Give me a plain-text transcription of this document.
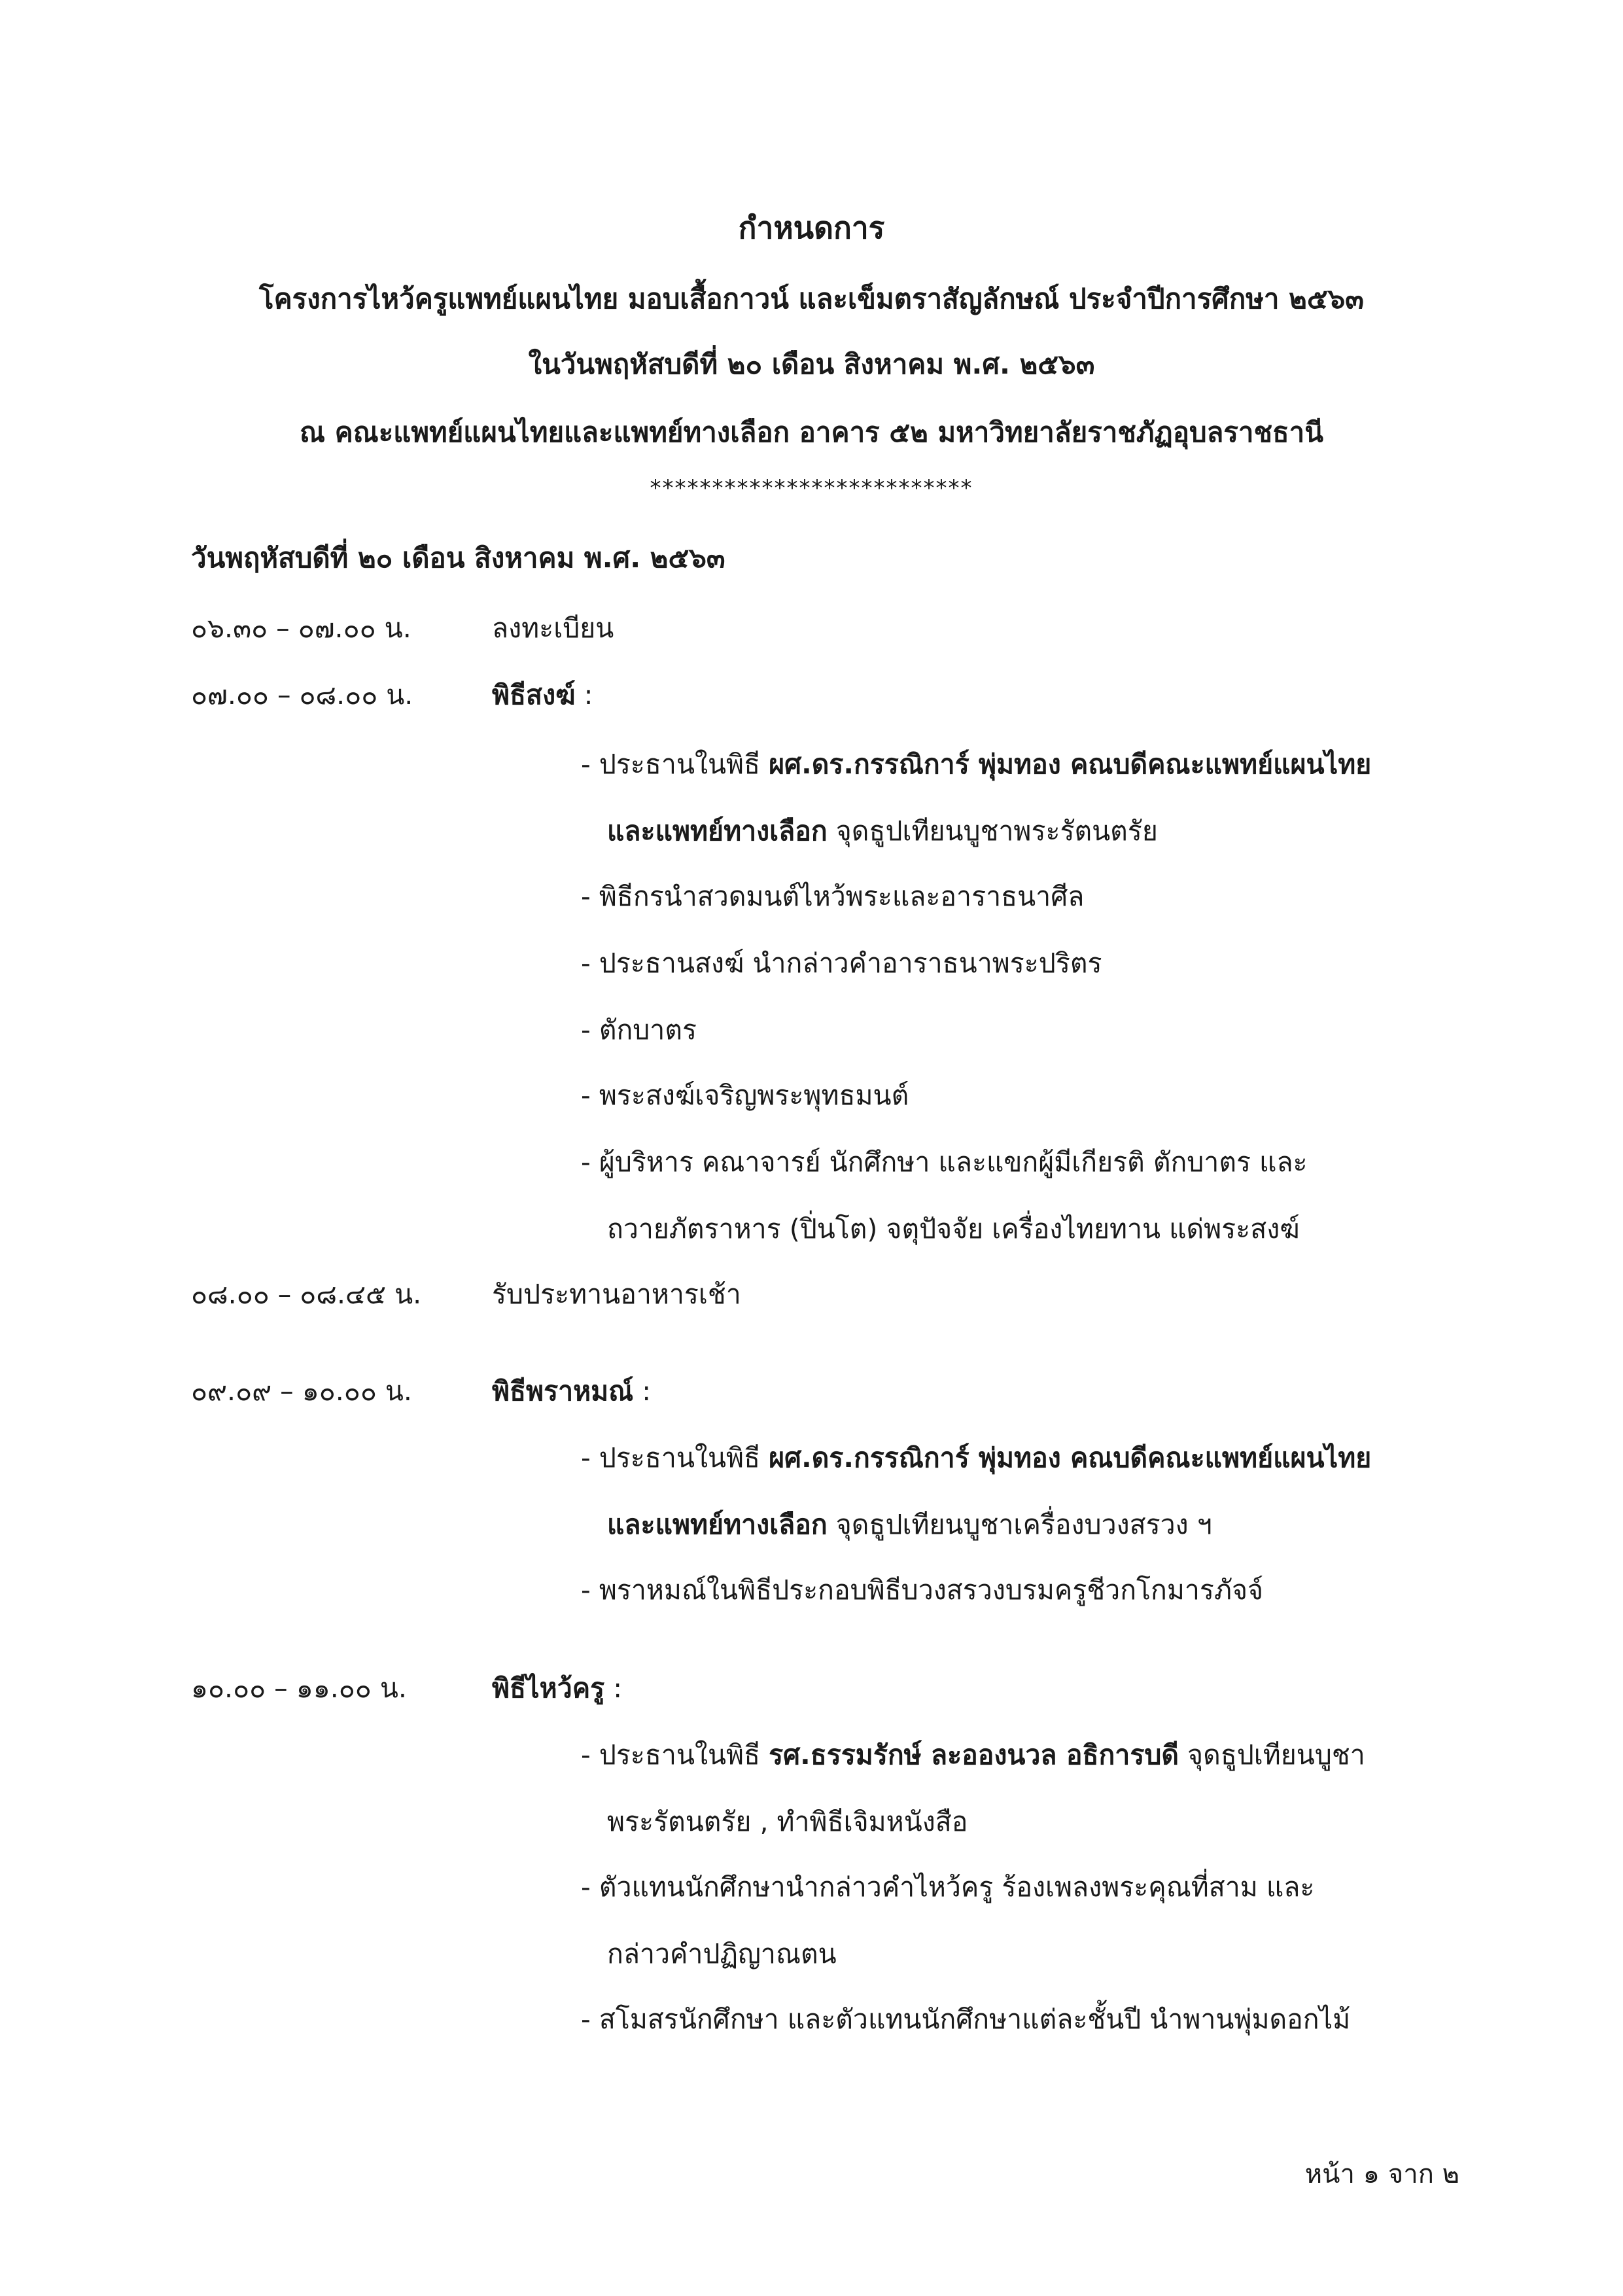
กำหนดการ
โครงการไหว้ครูแพทย์แผนไทย มอบเสื้อกาวน์ และเข็มตราสัญลักษณ์ ประจำปีการศึกษา ๒๕๖๓
ในวันพฤหัสบดีที่ ๒๐ เดือน สิงหาคม พ.ศ. ๒๕๖๓
ณ คณะแพทย์แผนไทยและแพทย์ทางเลือก อาคาร ๕๒ มหาวิทยาลัยราชภัฏอุบลราชธานี
**************************
วันพฤหัสบดีที่ ๒๐ เดือน สิงหาคม พ.ศ. ๒๕๖๓
๐๖.๓๐ – ๐๗.๐๐ น.	ลงทะเบียน
๐๗.๐๐ – ๐๘.๐๐ น.	พิธีสงฆ์ :
- ประธานในพิธี ผศ.ดร.กรรณิการ์ พุ่มทอง คณบดีคณะแพทย์แผนไทย
และแพทย์ทางเลือก จุดธูปเทียนบูชาพระรัตนตรัย
- พิธีกรนำสวดมนต์ไหว้พระและอาราธนาศีล
- ประธานสงฆ์ นำกล่าวคำอาราธนาพระปริตร
- ตักบาตร
- พระสงฆ์เจริญพระพุทธมนต์
- ผู้บริหาร คณาจารย์ นักศึกษา และแขกผู้มีเกียรติ ตักบาตร และ
ถวายภัตราหาร (ปิ่นโต) จตุปัจจัย เครื่องไทยทาน แด่พระสงฆ์
๐๘.๐๐ – ๐๘.๔๕ น.	รับประทานอาหารเช้า
๐๙.๐๙ – ๑๐.๐๐ น.	พิธีพราหมณ์ :
- ประธานในพิธี ผศ.ดร.กรรณิการ์ พุ่มทอง คณบดีคณะแพทย์แผนไทย
และแพทย์ทางเลือก จุดธูปเทียนบูชาเครื่องบวงสรวง ฯ
- พราหมณ์ในพิธีประกอบพิธีบวงสรวงบรมครูชีวกโกมารภัจจ์
๑๐.๐๐ – ๑๑.๐๐ น.	พิธีไหว้ครู :
- ประธานในพิธี รศ.ธรรมรักษ์ ละอองนวล อธิการบดี จุดธูปเทียนบูชา
พระรัตนตรัย , ทำพิธีเจิมหนังสือ
- ตัวแทนนักศึกษานำกล่าวคำไหว้ครู ร้องเพลงพระคุณที่สาม และ
กล่าวคำปฏิญาณตน
- สโมสรนักศึกษา และตัวแทนนักศึกษาแต่ละชั้นปี นำพานพุ่มดอกไม้
หน้า ๑ จาก ๒
